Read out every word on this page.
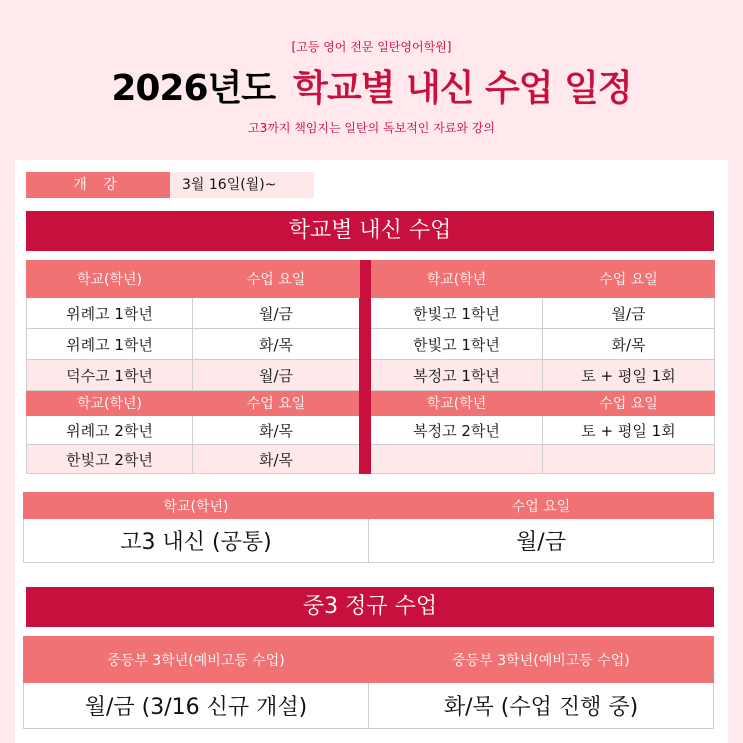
[고등 영어 전문 일탄영어학원]
2026년도 학교별 내신 수업 일정
고3까지 책임지는 일탄의 독보적인 자료와 강의
개 강	3월 16일(월)~
학교별 내신 수업
학교(학년)	수업 요일		학교(학년	수업 요일
위례고 1학년	월/금		한빛고 1학년	월/금
위례고 1학년	화/목		한빛고 1학년	화/목
덕수고 1학년	월/금		복정고 1학년	토 + 평일 1회
학교(학년)	수업 요일		학교(학년	수업 요일
위례고 2학년	화/목		복정고 2학년	토 + 평일 1회
한빛고 2학년	화/목			
학교(학년)	수업 요일
고3 내신 (공통)	월/금
중3 정규 수업
중등부 3학년(예비고등 수업)	중등부 3학년(예비고등 수업)
월/금 (3/16 신규 개설)	화/목 (수업 진행 중)
